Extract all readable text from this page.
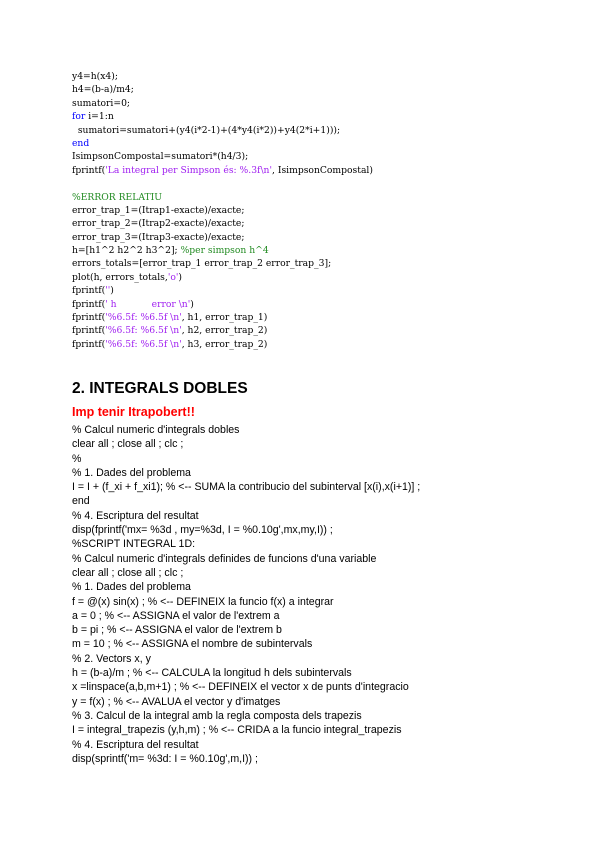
y4=h(x4);
h4=(b-a)/m4;
sumatori=0;
for i=1:n
sumatori=sumatori+(y4(i*2-1)+(4*y4(i*2))+y4(2*i+1)));
end
IsimpsonCompostal=sumatori*(h4/3);
fprintf('La integral per Simpson és: %.3f\n', IsimpsonCompostal)
%ERROR RELATIU
error_trap_1=(Itrap1-exacte)/exacte;
error_trap_2=(Itrap2-exacte)/exacte;
error_trap_3=(Itrap3-exacte)/exacte;
h=[h1^2 h2^2 h3^2]; %per simpson h^4
errors_totals=[error_trap_1 error_trap_2 error_trap_3];
plot(h, errors_totals,'o')
fprintf('')
fprintf(' h            error \n')
fprintf('%6.5f: %6.5f \n', h1, error_trap_1)
fprintf('%6.5f: %6.5f \n', h2, error_trap_2)
fprintf('%6.5f: %6.5f \n', h3, error_trap_2)
2. INTEGRALS DOBLES
Imp tenir Itrapobert!!
% Calcul numeric d'integrals dobles
clear all ; close all ; clc ;
%
% 1. Dades del problema
I = I + (f_xi + f_xi1); % <-- SUMA la contribucio del subinterval [x(i),x(i+1)] ;
end
% 4. Escriptura del resultat
disp(fprintf('mx= %3d , my=%3d, I = %0.10g',mx,my,I)) ;
%SCRIPT INTEGRAL 1D:
% Calcul numeric d'integrals definides de funcions d'una variable
clear all ; close all ; clc ;
% 1. Dades del problema
f = @(x) sin(x) ; % <-- DEFINEIX la funcio f(x) a integrar
a = 0 ; % <-- ASSIGNA el valor de l'extrem a
b = pi ; % <-- ASSIGNA el valor de l'extrem b
m = 10 ; % <-- ASSIGNA el nombre de subintervals
% 2. Vectors x, y
h = (b-a)/m ; % <-- CALCULA la longitud h dels subintervals
x =linspace(a,b,m+1) ; % <-- DEFINEIX el vector x de punts d'integracio
y = f(x) ; % <-- AVALUA el vector y d'imatges
% 3. Calcul de la integral amb la regla composta dels trapezis
I = integral_trapezis (y,h,m) ; % <-- CRIDA a la funcio integral_trapezis
% 4. Escriptura del resultat
disp(sprintf('m= %3d: I = %0.10g',m,I)) ;
